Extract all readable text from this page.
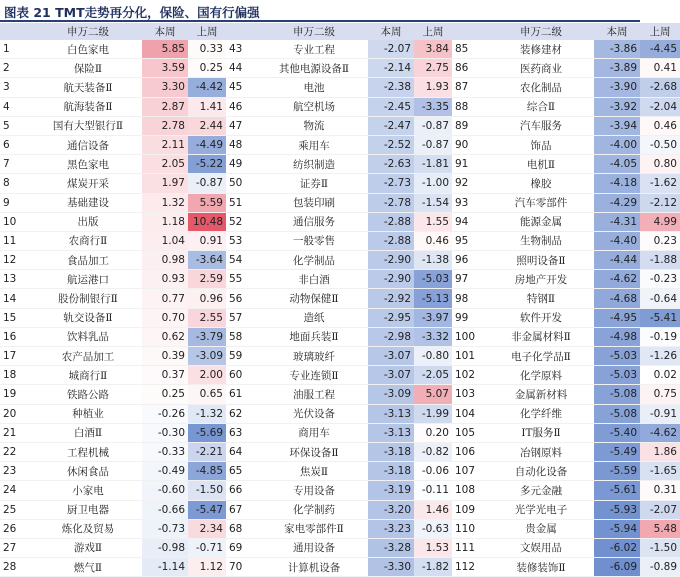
图表 21 TMT走势再分化，保险、国有行偏强
	申万二级	本周	上周		申万二级	本周	上周		申万二级	本周	上周
1	白色家电	5.85	0.33	43	专业工程	-2.07	3.84	85	装修建材	-3.86	-4.45
2	保险Ⅱ	3.59	0.25	44	其他电源设备Ⅱ	-2.14	2.75	86	医药商业	-3.89	0.41
3	航天装备Ⅱ	3.30	-4.42	45	电池	-2.38	1.93	87	农化制品	-3.90	-2.68
4	航海装备Ⅱ	2.87	1.41	46	航空机场	-2.45	-3.35	88	综合Ⅱ	-3.92	-2.04
5	国有大型银行Ⅱ	2.78	2.44	47	物流	-2.47	-0.87	89	汽车服务	-3.94	0.46
6	通信设备	2.11	-4.49	48	乘用车	-2.52	-0.87	90	饰品	-4.00	-0.50
7	黑色家电	2.05	-5.22	49	纺织制造	-2.63	-1.81	91	电机Ⅱ	-4.05	0.80
8	煤炭开采	1.97	-0.87	50	证券Ⅱ	-2.73	-1.00	92	橡胶	-4.18	-1.62
9	基础建设	1.32	5.59	51	包装印刷	-2.78	-1.54	93	汽车零部件	-4.29	-2.12
10	出版	1.18	10.48	52	通信服务	-2.88	1.55	94	能源金属	-4.31	4.99
11	农商行Ⅱ	1.04	0.91	53	一般零售	-2.88	0.46	95	生物制品	-4.40	0.23
12	食品加工	0.98	-3.64	54	化学制品	-2.90	-1.38	96	照明设备Ⅱ	-4.44	-1.88
13	航运港口	0.93	2.59	55	非白酒	-2.90	-5.03	97	房地产开发	-4.62	-0.23
14	股份制银行Ⅱ	0.77	0.96	56	动物保健Ⅱ	-2.92	-5.13	98	特钢Ⅱ	-4.68	-0.64
15	轨交设备Ⅱ	0.70	2.55	57	造纸	-2.95	-3.97	99	软件开发	-4.95	-5.41
16	饮料乳品	0.62	-3.79	58	地面兵装Ⅱ	-2.98	-3.32	100	非金属材料Ⅱ	-4.98	-0.19
17	农产品加工	0.39	-3.09	59	玻璃玻纤	-3.07	-0.80	101	电子化学品Ⅱ	-5.03	-1.26
18	城商行Ⅱ	0.37	2.00	60	专业连锁Ⅱ	-3.07	-2.05	102	化学原料	-5.03	0.02
19	铁路公路	0.25	0.65	61	油服工程	-3.09	5.07	103	金属新材料	-5.08	0.75
20	种植业	-0.26	-1.32	62	光伏设备	-3.13	-1.99	104	化学纤维	-5.08	-0.91
21	白酒Ⅱ	-0.30	-5.69	63	商用车	-3.13	0.20	105	IT服务Ⅱ	-5.40	-4.62
22	工程机械	-0.33	-2.21	64	环保设备Ⅱ	-3.18	-0.82	106	冶钢原料	-5.49	1.86
23	休闲食品	-0.49	-4.85	65	焦炭Ⅱ	-3.18	-0.06	107	自动化设备	-5.59	-1.65
24	小家电	-0.60	-1.50	66	专用设备	-3.19	-0.11	108	多元金融	-5.61	0.31
25	厨卫电器	-0.66	-5.47	67	化学制药	-3.20	1.46	109	光学光电子	-5.93	-2.07
26	炼化及贸易	-0.73	2.34	68	家电零部件Ⅱ	-3.23	-0.63	110	贵金属	-5.94	5.48
27	游戏Ⅱ	-0.98	-0.71	69	通用设备	-3.28	1.53	111	文娱用品	-6.02	-1.50
28	燃气Ⅱ	-1.14	1.12	70	计算机设备	-3.30	-1.82	112	装修装饰Ⅱ	-6.09	-0.89
